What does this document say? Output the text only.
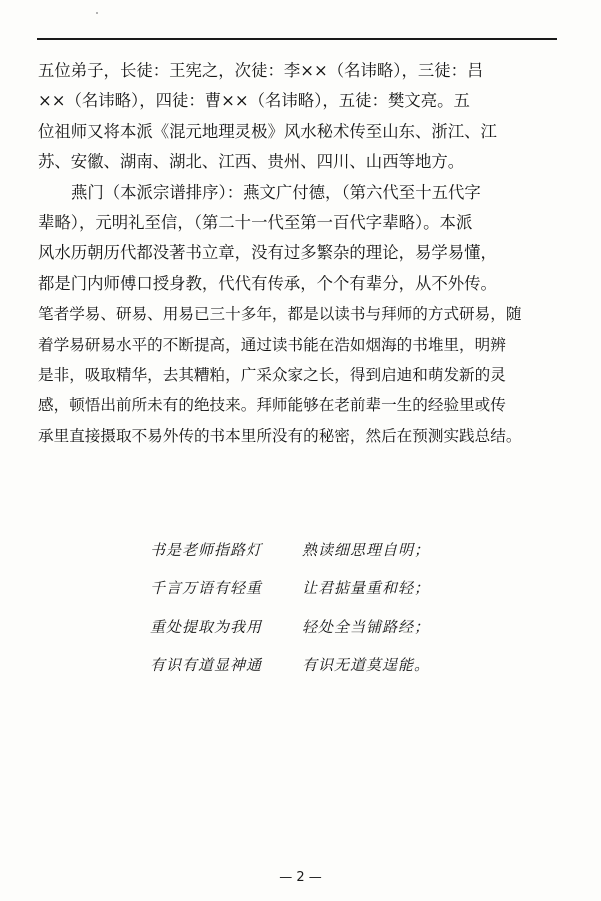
五位弟子，长徒：王宪之，次徒：李××（名讳略），三徒：吕
××（名讳略），四徒：曹××（名讳略），五徒：樊文亮。五
位祖师又将本派《混元地理灵极》风水秘术传至山东、浙江、江
苏、安徽、湖南、湖北、江西、贵州、四川、山西等地方。

燕门（本派宗谱排序）：燕文广付德，（第六代至十五代字
辈略），元明礼至信，（第二十一代至第一百代字辈略）。本派
风水历朝历代都没著书立章，没有过多繁杂的理论，易学易懂，
都是门内师傅口授身教，代代有传承，个个有辈分，从不外传。

笔者学易、研易、用易已三十多年，都是以读书与拜师的方式研易，随
着学易研易水平的不断提高，通过读书能在浩如烟海的书堆里，明辨
是非，吸取精华，去其糟粕，广采众家之长，得到启迪和萌发新的灵
感，顿悟出前所未有的绝技来。拜师能够在老前辈一生的经验里或传
承里直接摄取不易外传的书本里所没有的秘密，然后在预测实践总结。

书是老师指路灯	熟读细思理自明；
千言万语有轻重	让君掂量重和轻；
重处提取为我用	轻处全当铺路经；
有识有道显神通	有识无道莫逞能。
— 2 —
